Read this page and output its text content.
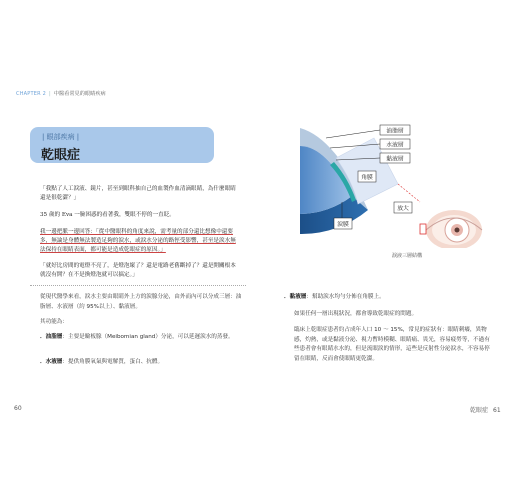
CHAPTER 2 | 中醫看常見的眼睛疾病
| 眼部疾病 |
乾眼症
「我點了人工淚液、鏡片，甚至到眼科抽自己的血製作血清滴眼睛，為什麼眼睛還是很乾澀？」
35 歲的 Eva 一臉困惑的看著我，雙眼不停的一直眨。
我一邊把脈一邊回答：「從中醫眼科的角度來說，需考量的部分還比想像中還要多，無論是身體無法製造足夠的淚水，或淚水分泌的路徑受影響，甚至是淚水無法保持在眼睛表面，都可能是造成乾眼症的原因。」
「就好比房間的電燈不亮了，是燈泡壞了？還是電路老舊斷掉了？還是開關根本就沒有開？在不是換燈泡就可以搞定。」
從現代醫學來看，淚水主要由眼睛外上方的淚腺分泌，由外而內可以分成三層：油脂層、水液層（約 95%以上）、黏液層。
其功能為：
．油脂層：主要是瞼板腺（Meibomian gland）分泌，可以延遲淚水的蒸發。
．水液層：提供角膜氧氣與電解質，蛋白、抗體。
．黏液層：幫助淚水均勻分佈在角膜上。
如果任何一層出現狀況，都會導致乾眼症的問題。
臨床上乾眼症患者約占成年人口 10 ～ 15%，常見的症狀有：眼睛刺癢，異物感，灼熱，或是黏液分泌、視力暫時模糊、眼睛痛、畏光，容易疲勞等，不過有些患者會有眼睛水水的，但是流眼淚的情形，這些是反射性分泌淚水，不容易停留在眼睛，反而會使眼睛更乾澀。
油脂層
水液層
黏液層
角膜
淚膜
放大
淚液三層結構
60	乾眼症 61
